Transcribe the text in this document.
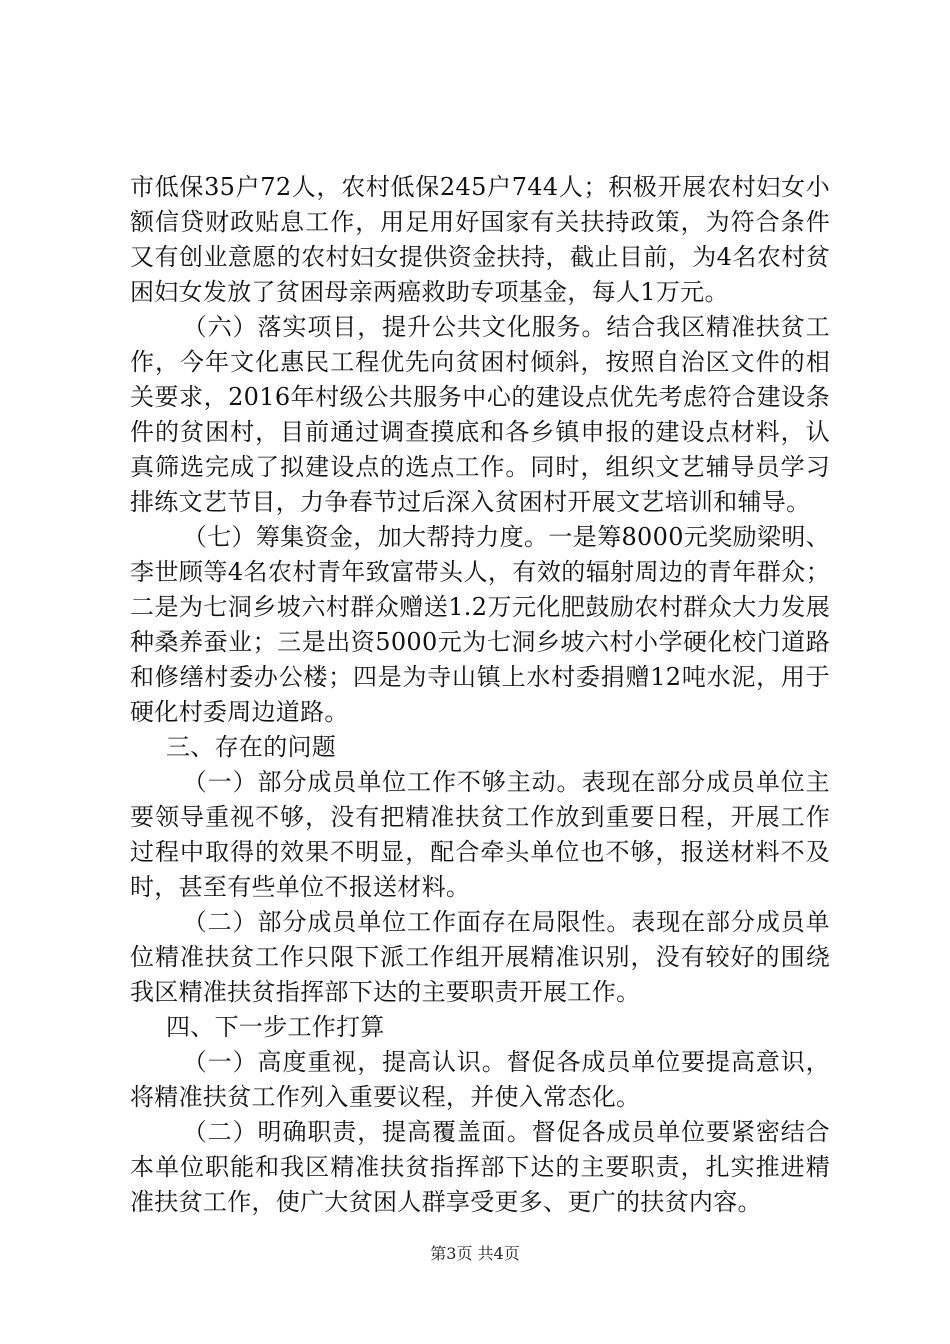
市低保35户72人，农村低保245户744人；积极开展农村妇女小额信贷财政贴息工作，用足用好国家有关扶持政策，为符合条件又有创业意愿的农村妇女提供资金扶持，截止目前，为4名农村贫困妇女发放了贫困母亲两癌救助专项基金，每人1万元。

（六）落实项目，提升公共文化服务。结合我区精准扶贫工作，今年文化惠民工程优先向贫困村倾斜，按照自治区文件的相关要求，2016年村级公共服务中心的建设点优先考虑符合建设条件的贫困村，目前通过调查摸底和各乡镇申报的建设点材料，认真筛选完成了拟建设点的选点工作。同时，组织文艺辅导员学习排练文艺节目，力争春节过后深入贫困村开展文艺培训和辅导。

（七）筹集资金，加大帮持力度。一是筹8000元奖励梁明、李世顾等4名农村青年致富带头人，有效的辐射周边的青年群众；二是为七洞乡坡六村群众赠送1.2万元化肥鼓励农村群众大力发展种桑养蚕业；三是出资5000元为七洞乡坡六村小学硬化校门道路和修缮村委办公楼；四是为寺山镇上水村委捐赠12吨水泥，用于硬化村委周边道路。

三、存在的问题

（一）部分成员单位工作不够主动。表现在部分成员单位主要领导重视不够，没有把精准扶贫工作放到重要日程，开展工作过程中取得的效果不明显，配合牵头单位也不够，报送材料不及时，甚至有些单位不报送材料。

（二）部分成员单位工作面存在局限性。表现在部分成员单位精准扶贫工作只限下派工作组开展精准识别，没有较好的围绕我区精准扶贫指挥部下达的主要职责开展工作。

四、下一步工作打算

（一）高度重视，提高认识。督促各成员单位要提高意识，将精准扶贫工作列入重要议程，并使入常态化。

（二）明确职责，提高覆盖面。督促各成员单位要紧密结合本单位职能和我区精准扶贫指挥部下达的主要职责，扎实推进精准扶贫工作，使广大贫困人群享受更多、更广的扶贫内容。

第3页 共4页
